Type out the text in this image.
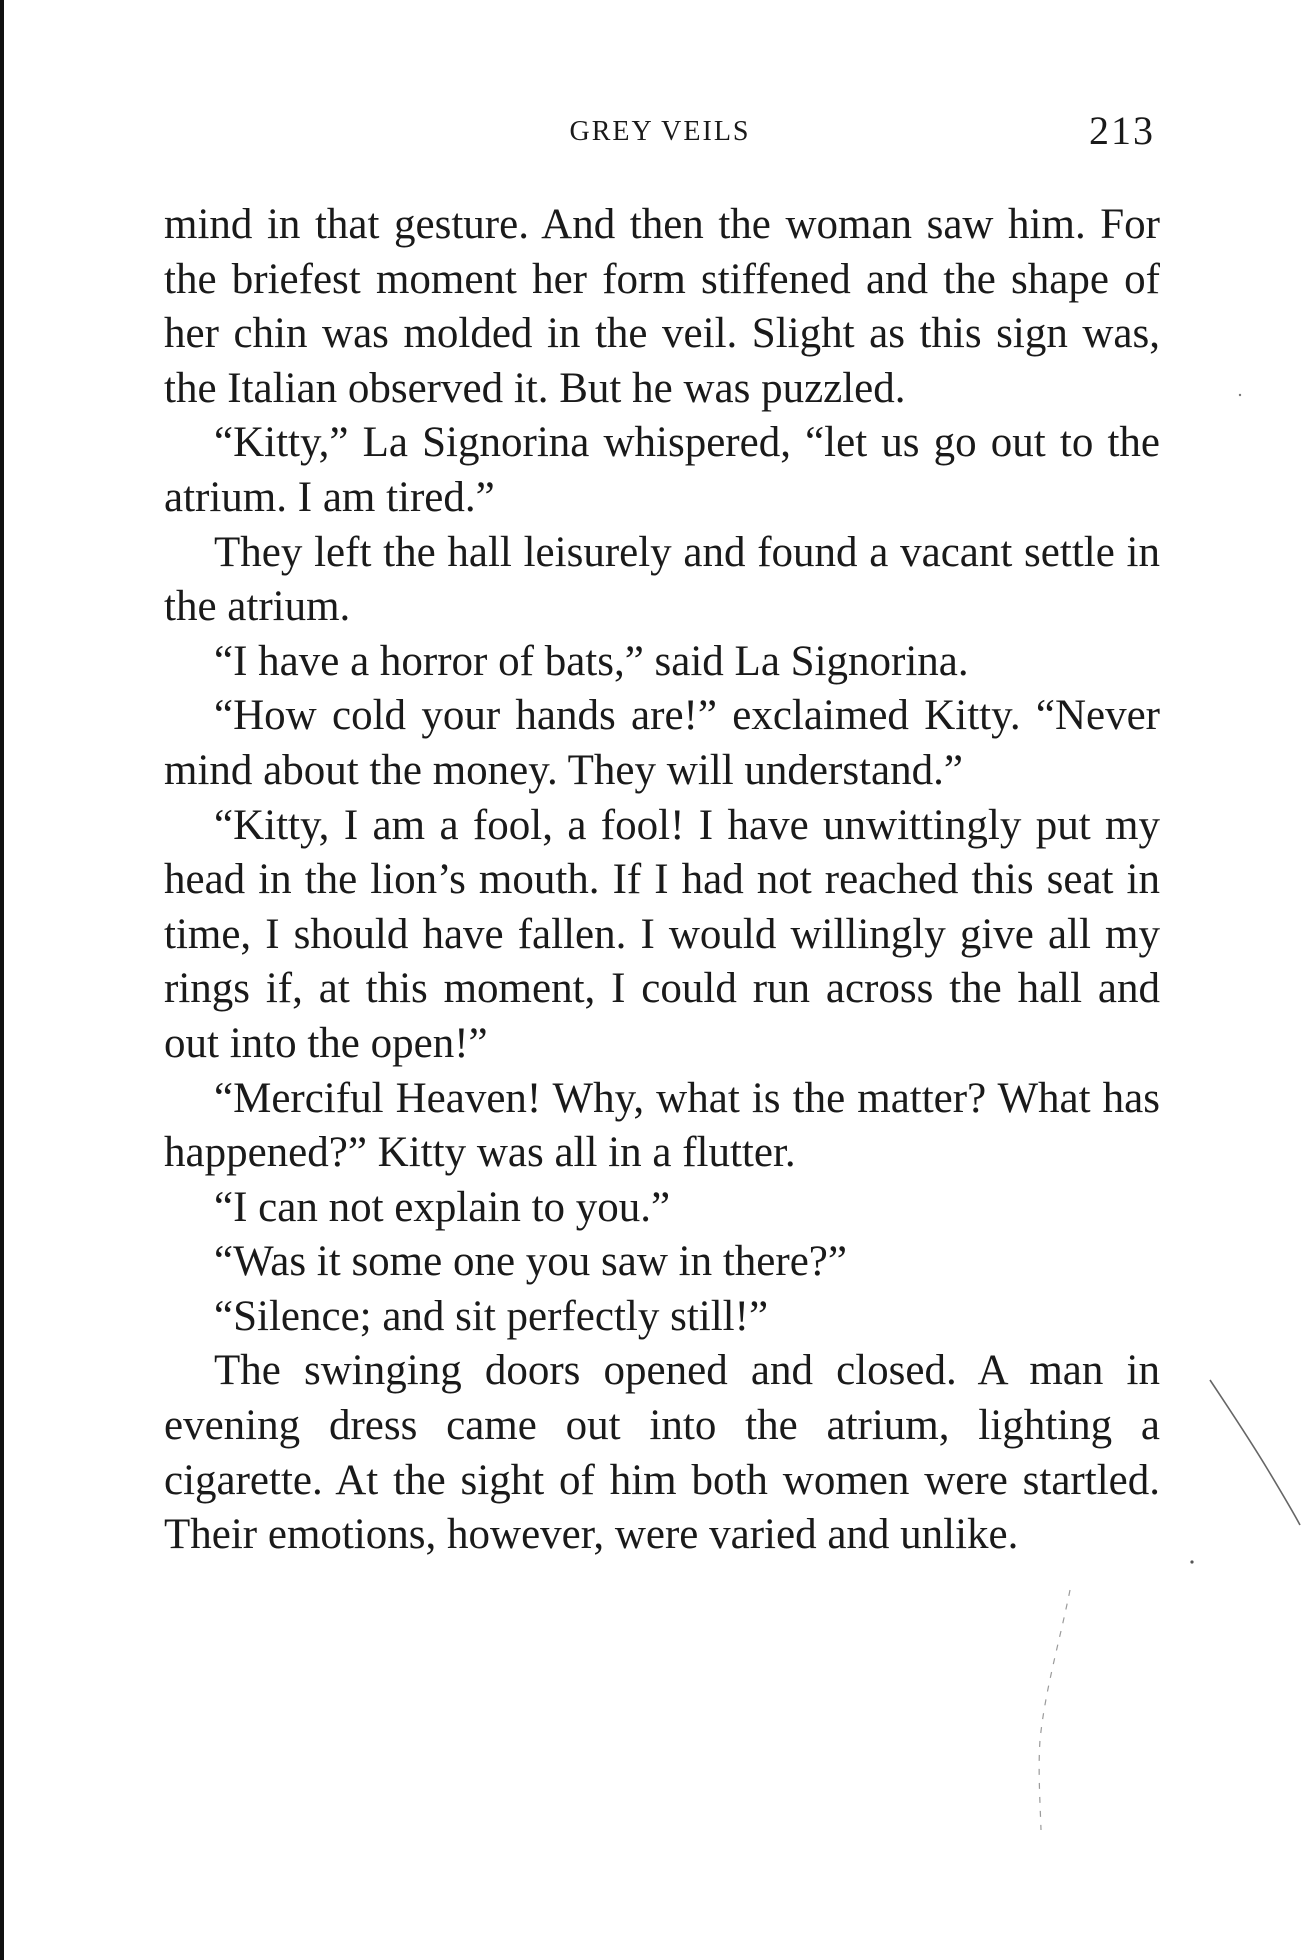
GREY VEILS	213

mind in that gesture. And then the woman saw him. For the briefest moment her form stiffened and the shape of her chin was molded in the veil. Slight as this sign was, the Italian observed it. But he was puzzled.

“Kitty,” La Signorina whispered, “let us go out to the atrium. I am tired.”

They left the hall leisurely and found a vacant settle in the atrium.

“I have a horror of bats,” said La Signorina.

“How cold your hands are!” exclaimed Kitty. “Never mind about the money. They will understand.”

“Kitty, I am a fool, a fool! I have unwittingly put my head in the lion’s mouth. If I had not reached this seat in time, I should have fallen. I would willingly give all my rings if, at this moment, I could run across the hall and out into the open!”

“Merciful Heaven! Why, what is the matter? What has happened?” Kitty was all in a flutter.

“I can not explain to you.”

“Was it some one you saw in there?”

“Silence; and sit perfectly still!”

The swinging doors opened and closed. A man in evening dress came out into the atrium, lighting a cigarette. At the sight of him both women were startled. Their emotions, however, were varied and unlike.
